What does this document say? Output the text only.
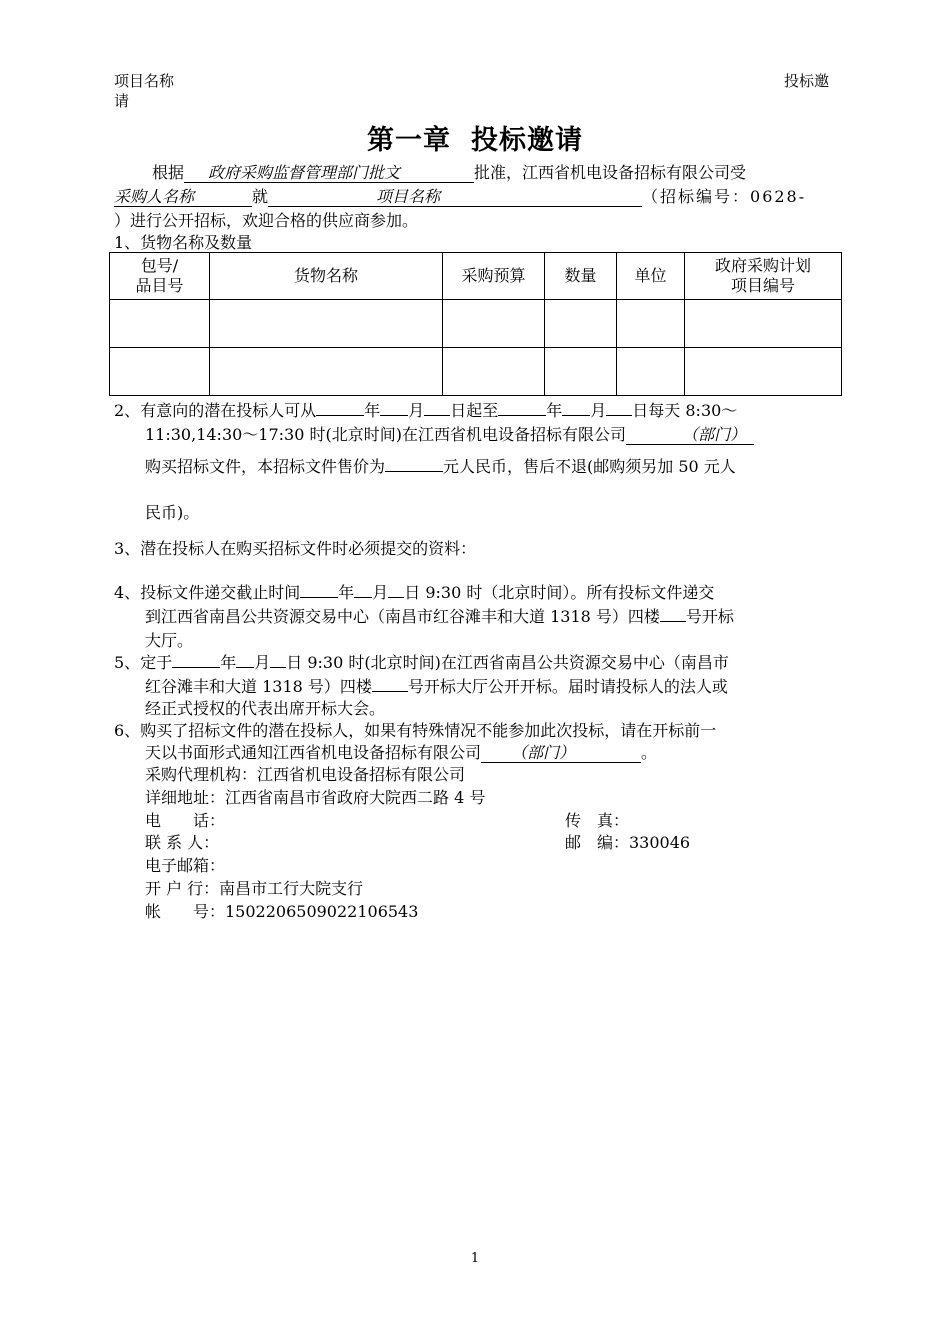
项目名称
请
投标邀
第一章 投标邀请
根据 政府采购监督管理部门批文	批准，江西省机电设备招标有限公司受
采购人名称	就	项目名称	（招标编号：0628-
）进行公开招标，欢迎合格的供应商参加。
1、货物名称及数量
包号/
品目号	货物名称	采购预算	数量	单位	政府采购计划
项目编号

2、有意向的潜在投标人可从	年 月 日起至	年 月 日每天 8:30～
11:30,14:30～17:30 时(北京时间)在江西省机电设备招标有限公司	（部门）
购买招标文件，本招标文件售价为	元人民币，售后不退(邮购须另加 50 元人
民币)。
3、潜在投标人在购买招标文件时必须提交的资料：
4、投标文件递交截止时间 年 月 日 9:30 时（北京时间）。所有投标文件递交
到江西省南昌公共资源交易中心（南昌市红谷滩丰和大道 1318 号）四楼 号开标
大厅。
5、定于	年 月 日 9:30 时(北京时间)在江西省南昌公共资源交易中心（南昌市
红谷滩丰和大道 1318 号）四楼 号开标大厅公开开标。届时请投标人的法人或
经正式授权的代表出席开标大会。
6、购买了招标文件的潜在投标人，如果有特殊情况不能参加此次投标，请在开标前一
天以书面形式通知江西省机电设备招标有限公司 （部门）	。
采购代理机构：江西省机电设备招标有限公司
详细地址：江西省南昌市省政府大院西二路 4 号
电　　话：	传　真：
联 系 人：	邮　编：330046
电子邮箱：
开 户 行：南昌市工行大院支行
帐　　号：1502206509022106543
1
